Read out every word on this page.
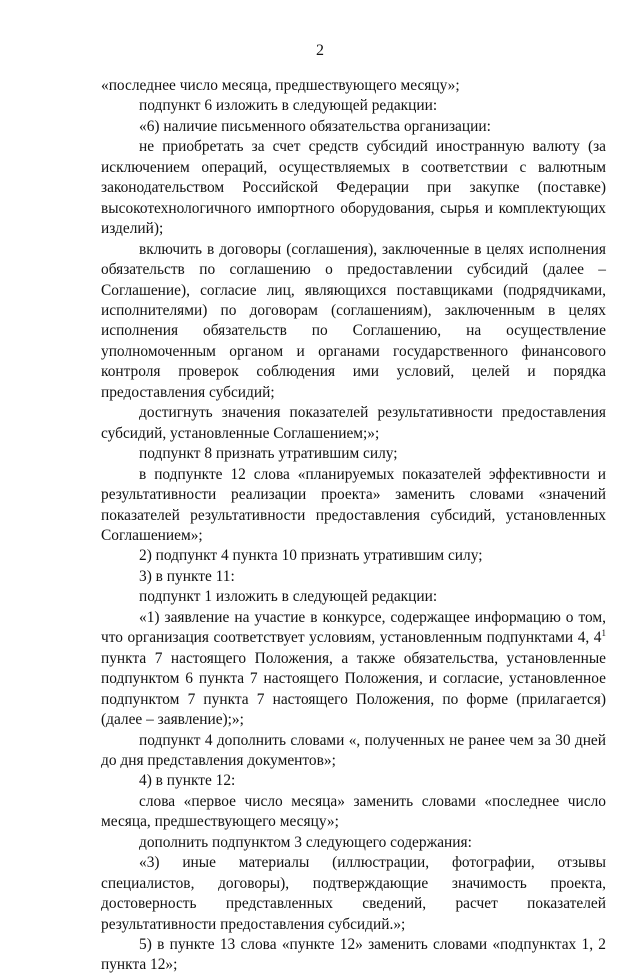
2

«последнее число месяца, предшествующего месяцу»;

подпункт 6 изложить в следующей редакции:

«6) наличие письменного обязательства организации:

не приобретать за счет средств субсидий иностранную валюту (за исключением операций, осуществляемых в соответствии с валютным законодательством Российской Федерации при закупке (поставке) высокотехнологичного импортного оборудования, сырья и комплектующих изделий);

включить в договоры (соглашения), заключенные в целях исполнения обязательств по соглашению о предоставлении субсидий (далее – Соглашение), согласие лиц, являющихся поставщиками (подрядчиками, исполнителями) по договорам (соглашениям), заключенным в целях исполнения обязательств по Соглашению, на осуществление уполномоченным органом и органами государственного финансового контроля проверок соблюдения ими условий, целей и порядка предоставления субсидий;

достигнуть значения показателей результативности предоставления субсидий, установленные Соглашением;»;

подпункт 8 признать утратившим силу;

в подпункте 12 слова «планируемых показателей эффективности и результативности реализации проекта» заменить словами «значений показателей результативности предоставления субсидий, установленных Соглашением»;

2) подпункт 4 пункта 10 признать утратившим силу;

3) в пункте 11:

подпункт 1 изложить в следующей редакции:

«1) заявление на участие в конкурсе, содержащее информацию о том, что организация соответствует условиям, установленным подпунктами 4, $4^1$ пункта 7 настоящего Положения, а также обязательства, установленные подпунктом 6 пункта 7 настоящего Положения, и согласие, установленное подпунктом 7 пункта 7 настоящего Положения, по форме (прилагается) (далее – заявление);»;

подпункт 4 дополнить словами «, полученных не ранее чем за 30 дней до дня представления документов»;

4) в пункте 12:

слова «первое число месяца» заменить словами «последнее число месяца, предшествующего месяцу»;

дополнить подпунктом 3 следующего содержания:

«3) иные материалы (иллюстрации, фотографии, отзывы специалистов, договоры), подтверждающие значимость проекта, достоверность представленных сведений, расчет показателей результативности предоставления субсидий.»;

5) в пункте 13 слова «пункте 12» заменить словами «подпунктах 1, 2 пункта 12»;
